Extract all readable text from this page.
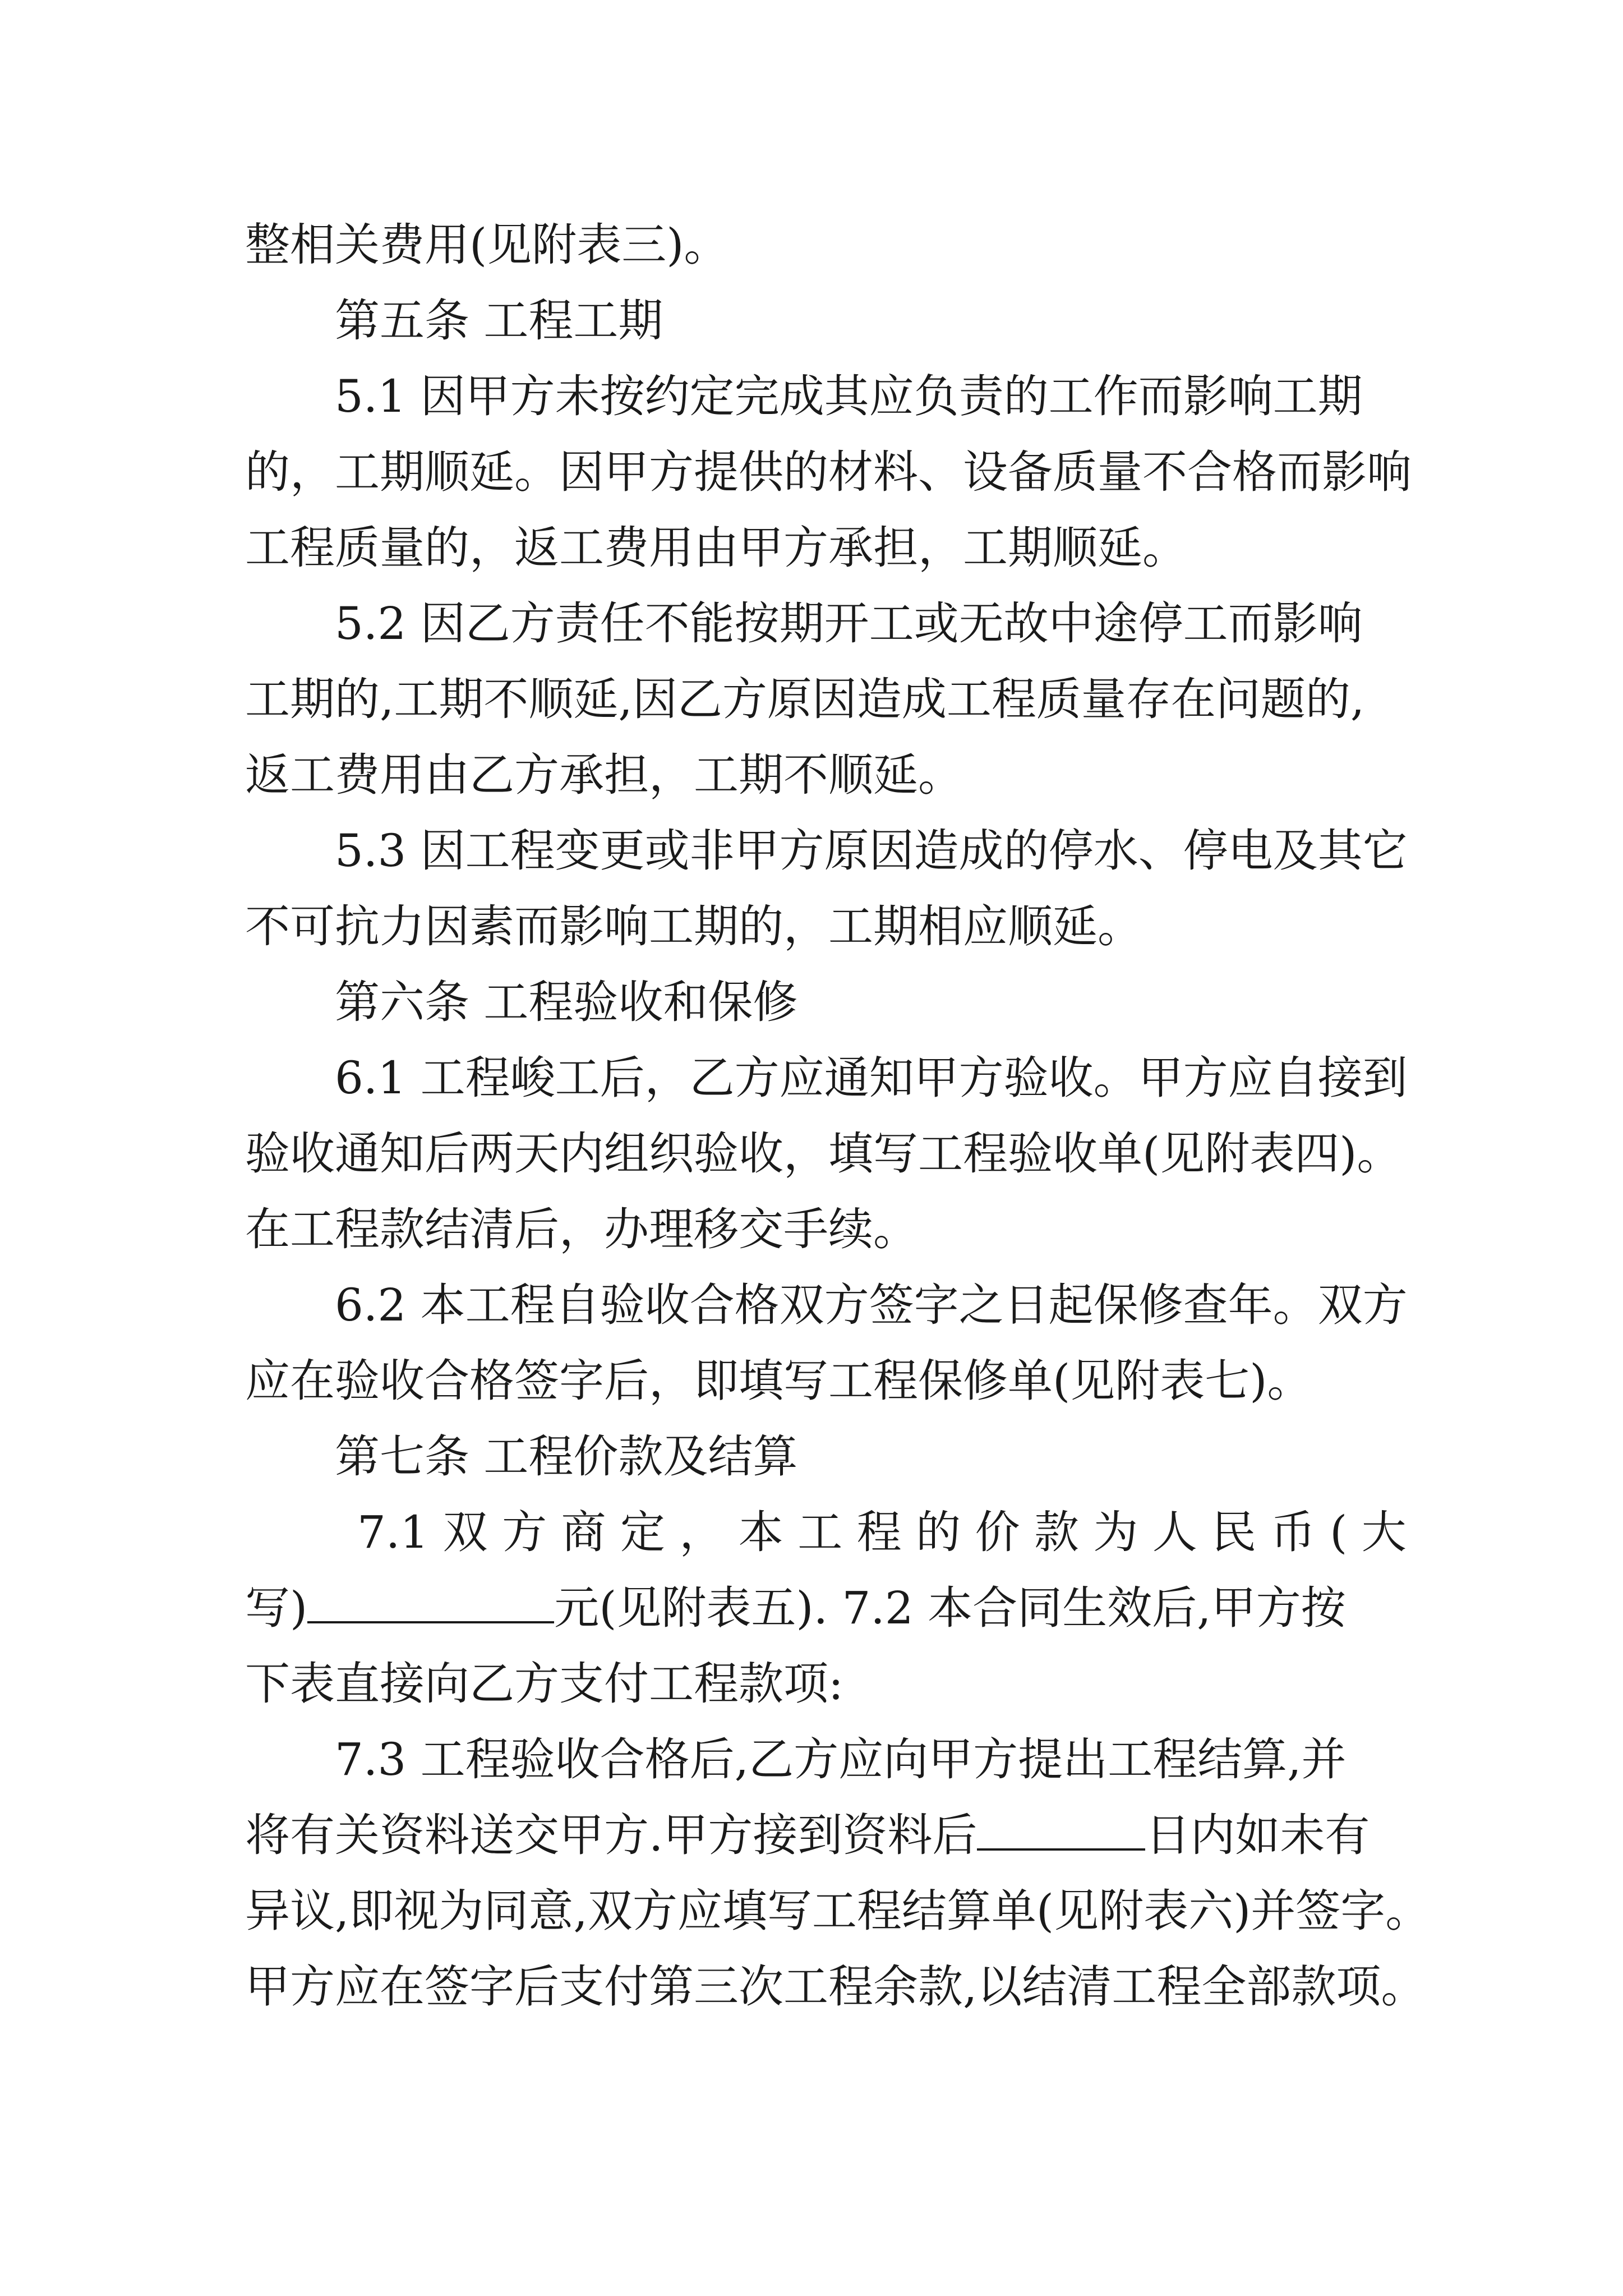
整相关费用(见附表三)。
第五条 工程工期
5.1 因甲方未按约定完成其应负责的工作而影响工期
的，工期顺延。因甲方提供的材料、设备质量不合格而影响
工程质量的，返工费用由甲方承担，工期顺延。
5.2 因乙方责任不能按期开工或无故中途停工而影响
工期的,工期不顺延,因乙方原因造成工程质量存在问题的,
返工费用由乙方承担，工期不顺延。
5.3 因工程变更或非甲方原因造成的停水、停电及其它
不可抗力因素而影响工期的，工期相应顺延。
第六条 工程验收和保修
6.1 工程峻工后，乙方应通知甲方验收。甲方应自接到
验收通知后两天内组织验收，填写工程验收单(见附表四)。
在工程款结清后，办理移交手续。
6.2 本工程自验收合格双方签字之日起保修查年。双方
应在验收合格签字后，即填写工程保修单(见附表七)。
第七条 工程价款及结算
7.1 双 方 商 定 ， 本 工 程 的 价 款 为 人 民 币 ( 大
写)	元(见附表五). 7.2 本合同生效后,甲方按
下表直接向乙方支付工程款项:
7.3 工程验收合格后,乙方应向甲方提出工程结算,并
将有关资料送交甲方.甲方接到资料后	日内如未有
异议,即视为同意,双方应填写工程结算单(见附表六)并签字。
甲方应在签字后支付第三次工程余款,以结清工程全部款项。
